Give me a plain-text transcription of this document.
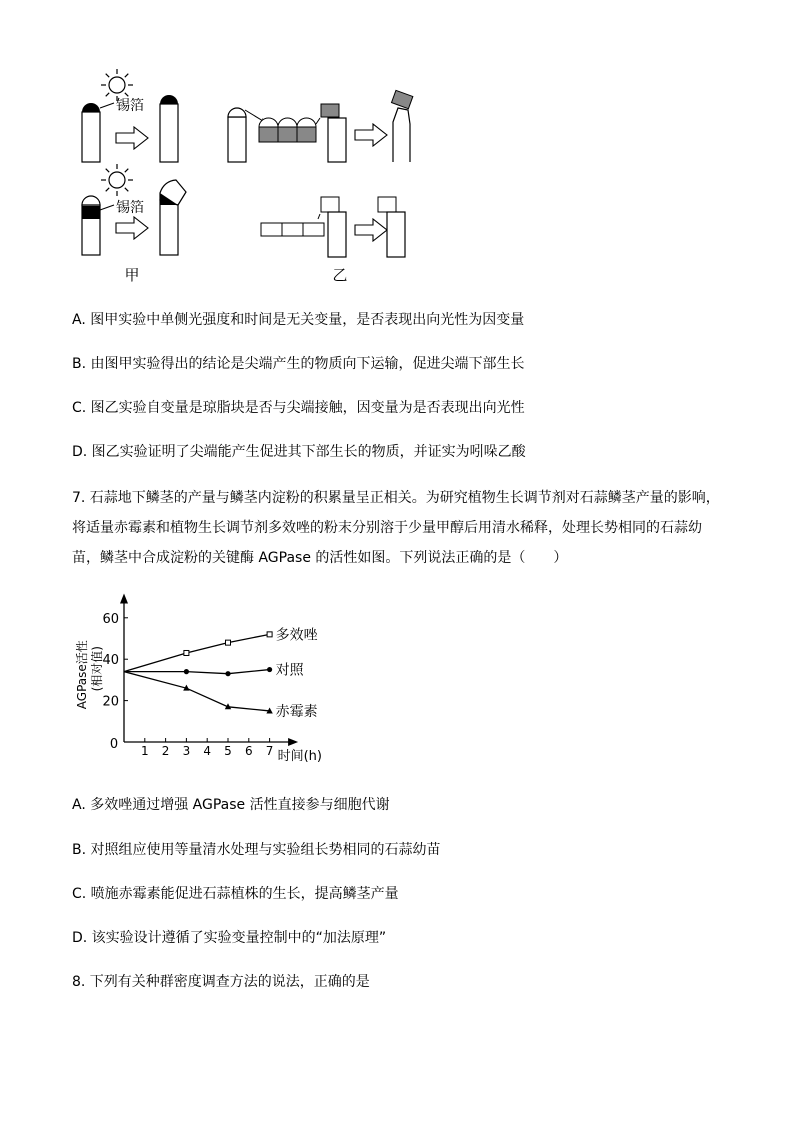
锡箔
锡箔
甲	乙
A. 图甲实验中单侧光强度和时间是无关变量，是否表现出向光性为因变量
B. 由图甲实验得出的结论是尖端产生的物质向下运输，促进尖端下部生长
C. 图乙实验自变量是琼脂块是否与尖端接触，因变量为是否表现出向光性
D. 图乙实验证明了尖端能产生促进其下部生长的物质，并证实为吲哚乙酸
7. 石蒜地下鳞茎的产量与鳞茎内淀粉的积累量呈正相关。为研究植物生长调节剂对石蒜鳞茎产量的影响，
将适量赤霉素和植物生长调节剂多效唑的粉末分别溶于少量甲醇后用清水稀释，处理长势相同的石蒜幼
苗，鳞茎中合成淀粉的关键酶 AGPase 的活性如图。下列说法正确的是（　　）
0 1 2 3 4 5 6 7
20
40
60
多效唑
对照
赤霉素
AGPase活性 (相对值)
时间(h)
A. 多效唑通过增强 AGPase 活性直接参与细胞代谢
B. 对照组应使用等量清水处理与实验组长势相同的石蒜幼苗
C. 喷施赤霉素能促进石蒜植株的生长，提高鳞茎产量
D. 该实验设计遵循了实验变量控制中的“加法原理”
8. 下列有关种群密度调查方法的说法，正确的是
